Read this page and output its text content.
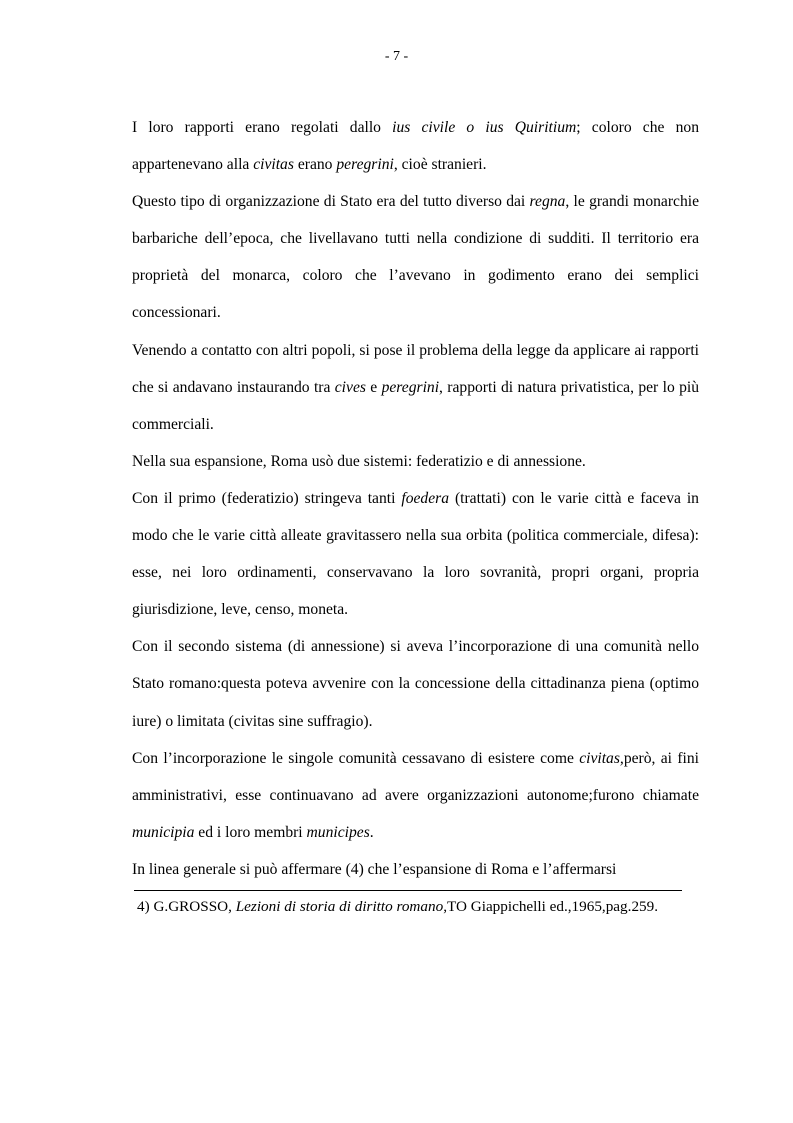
- 7 -

I loro rapporti erano regolati dallo ius civile o ius Quiritium; coloro che non appartenevano alla civitas erano peregrini, cioè stranieri.

Questo tipo di organizzazione di Stato era del tutto diverso dai regna, le grandi monarchie barbariche dell’epoca, che livellavano tutti nella condizione di sudditi. Il territorio era proprietà del monarca, coloro che l’avevano in godimento erano dei semplici concessionari.

Venendo a contatto con altri popoli, si pose il problema della legge da applicare ai rapporti che si andavano instaurando tra cives e peregrini, rapporti di natura privatistica, per lo più commerciali.

Nella sua espansione, Roma usò due sistemi: federatizio e di annessione.

Con il primo (federatizio) stringeva tanti foedera (trattati) con le varie città e faceva in modo che le varie città alleate gravitassero nella sua orbita (politica commerciale, difesa): esse, nei loro ordinamenti, conservavano la loro sovranità, propri organi, propria giurisdizione, leve, censo, moneta.

Con il secondo sistema (di annessione) si aveva l’incorporazione di una comunità nello Stato romano:questa poteva avvenire con la concessione della cittadinanza piena (optimo iure) o limitata (civitas sine suffragio).

Con l’incorporazione le singole comunità cessavano di esistere come civitas,però, ai fini amministrativi, esse continuavano ad avere organizzazioni autonome;furono chiamate municipia ed i loro membri municipes.

In linea generale si può affermare (4) che l’espansione di Roma e l’affermarsi

4) G.GROSSO, Lezioni di storia di diritto romano,TO Giappichelli ed.,1965,pag.259.
